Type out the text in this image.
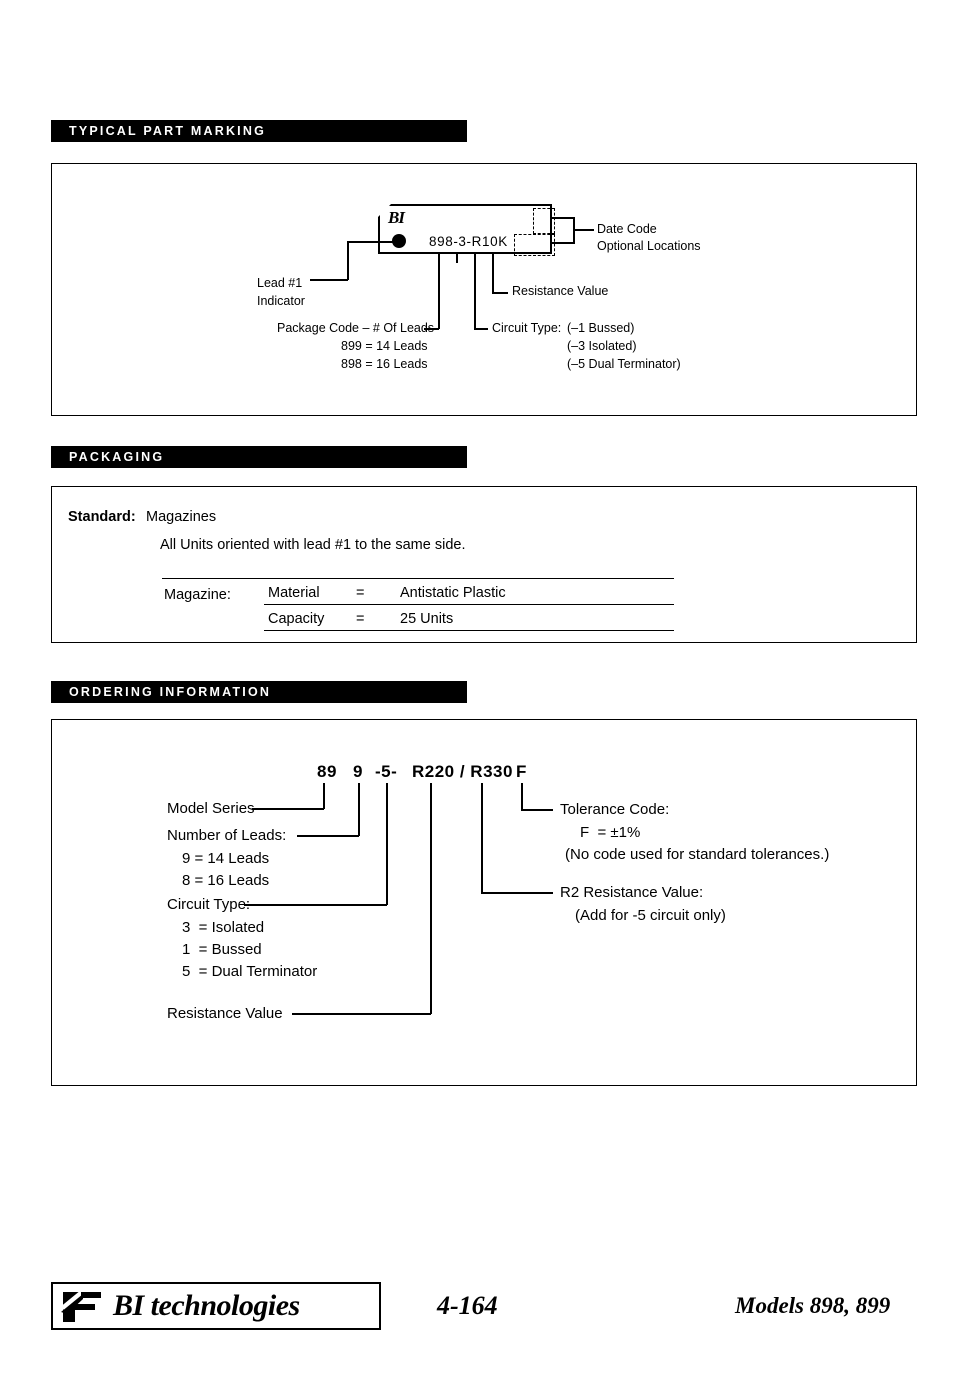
TYPICAL PART MARKING
BI
898-3-R10K
Date Code
Optional Locations
Resistance Value
Circuit Type: (–1 Bussed)
(–3 Isolated)
(–5 Dual Terminator)
Package Code – # Of Leads
899 = 14 Leads
898 = 16 Leads
Lead #1
Indicator
PACKAGING
Standard: Magazines
All Units oriented with lead #1 to the same side.
Magazine:	Material	= Antistatic Plastic
Capacity = 25 Units
ORDERING INFORMATION
89 9 -5- R220 / R330 F
Model Series
Number of Leads:
9 = 14 Leads
8 = 16 Leads
Circuit Type:
3  = Isolated
1  = Bussed
5  = Dual Terminator
Resistance Value
Tolerance Code:
F  = ±1%
(No code used for standard tolerances.)
R2 Resistance Value:
(Add for -5 circuit only)
BI technologies	4-164	Models 898, 899
